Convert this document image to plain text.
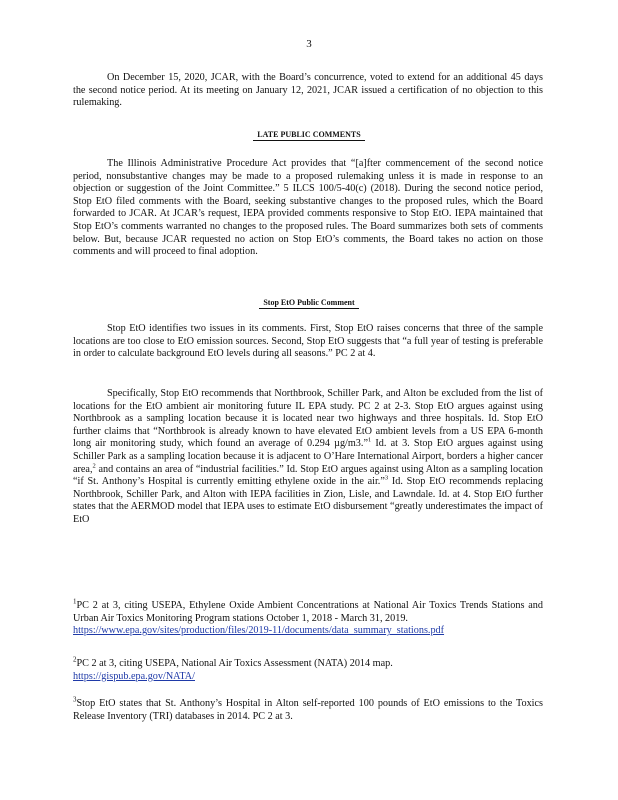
3

On December 15, 2020, JCAR, with the Board’s concurrence, voted to extend for an additional 45 days the second notice period. At its meeting on January 12, 2021, JCAR issued a certification of no objection to this rulemaking.

LATE PUBLIC COMMENTS

The Illinois Administrative Procedure Act provides that “[a]fter commencement of the second notice period, nonsubstantive changes may be made to a proposed rulemaking unless it is made in response to an objection or suggestion of the Joint Committee.” 5 ILCS 100/5-40(c) (2018). During the second notice period, Stop EtO filed comments with the Board, seeking substantive changes to the proposed rules, which the Board forwarded to JCAR. At JCAR’s request, IEPA provided comments responsive to Stop EtO. IEPA maintained that Stop EtO’s comments warranted no changes to the proposed rules. The Board summarizes both sets of comments below. But, because JCAR requested no action on Stop EtO’s comments, the Board takes no action on those comments and will proceed to final adoption.

Stop EtO Public Comment

Stop EtO identifies two issues in its comments. First, Stop EtO raises concerns that three of the sample locations are too close to EtO emission sources. Second, Stop EtO suggests that “a full year of testing is preferable in order to calculate background EtO levels during all seasons.” PC 2 at 4.

Specifically, Stop EtO recommends that Northbrook, Schiller Park, and Alton be excluded from the list of locations for the EtO ambient air monitoring future IL EPA study. PC 2 at 2-3. Stop EtO argues against using Northbrook as a sampling location because it is located near two highways and three hospitals. Id. Stop EtO further claims that “Northbrook is already known to have elevated EtO ambient levels from a US EPA 6-month long air monitoring study, which found an average of 0.294 µg/m3.”$^1$ Id. at 3. Stop EtO argues against using Schiller Park as a sampling location because it is adjacent to O’Hare International Airport, borders a higher cancer area,$^2$ and contains an area of “industrial facilities.” Id. Stop EtO argues against using Alton as a sampling location “if St. Anthony’s Hospital is currently emitting ethylene oxide in the air.”$^3$ Id. Stop EtO recommends replacing Northbrook, Schiller Park, and Alton with IEPA facilities in Zion, Lisle, and Lawndale. Id. at 4. Stop EtO further states that the AERMOD model that IEPA uses to estimate EtO disbursement “greatly underestimates the impact of EtO

$^1$PC 2 at 3, citing USEPA, Ethylene Oxide Ambient Concentrations at National Air Toxics Trends Stations and Urban Air Toxics Monitoring Program stations October 1, 2018 - March 31, 2019.
https://www.epa.gov/sites/production/files/2019-11/documents/data_summary_stations.pdf

$^2$PC 2 at 3, citing USEPA, National Air Toxics Assessment (NATA) 2014 map.
https://gispub.epa.gov/NATA/

$^3$Stop EtO states that St. Anthony’s Hospital in Alton self-reported 100 pounds of EtO emissions to the Toxics Release Inventory (TRI) databases in 2014. PC 2 at 3.
